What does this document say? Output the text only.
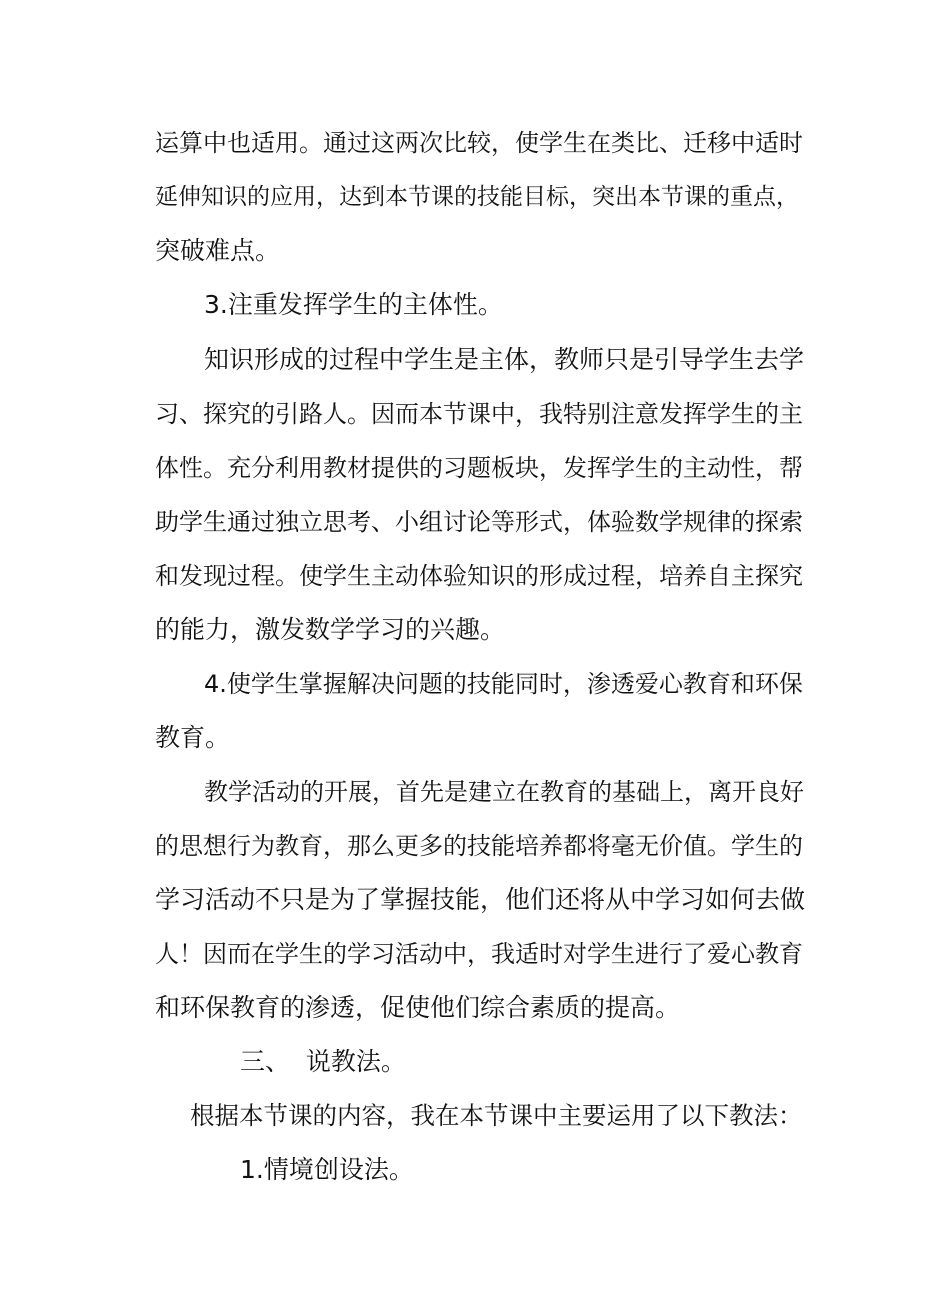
运算中也适用。通过这两次比较，使学生在类比、迁移中适时
延伸知识的应用，达到本节课的技能目标，突出本节课的重点，
突破难点。
3.注重发挥学生的主体性。
知识形成的过程中学生是主体，教师只是引导学生去学
习、探究的引路人。因而本节课中，我特别注意发挥学生的主
体性。充分利用教材提供的习题板块，发挥学生的主动性，帮
助学生通过独立思考、小组讨论等形式，体验数学规律的探索
和发现过程。使学生主动体验知识的形成过程，培养自主探究
的能力，激发数学学习的兴趣。
4.使学生掌握解决问题的技能同时，渗透爱心教育和环保
教育。
教学活动的开展，首先是建立在教育的基础上，离开良好
的思想行为教育，那么更多的技能培养都将毫无价值。学生的
学习活动不只是为了掌握技能，他们还将从中学习如何去做
人！因而在学生的学习活动中，我适时对学生进行了爱心教育
和环保教育的渗透，促使他们综合素质的提高。
三、  说教法。
根据本节课的内容，我在本节课中主要运用了以下教法：
1.情境创设法。
